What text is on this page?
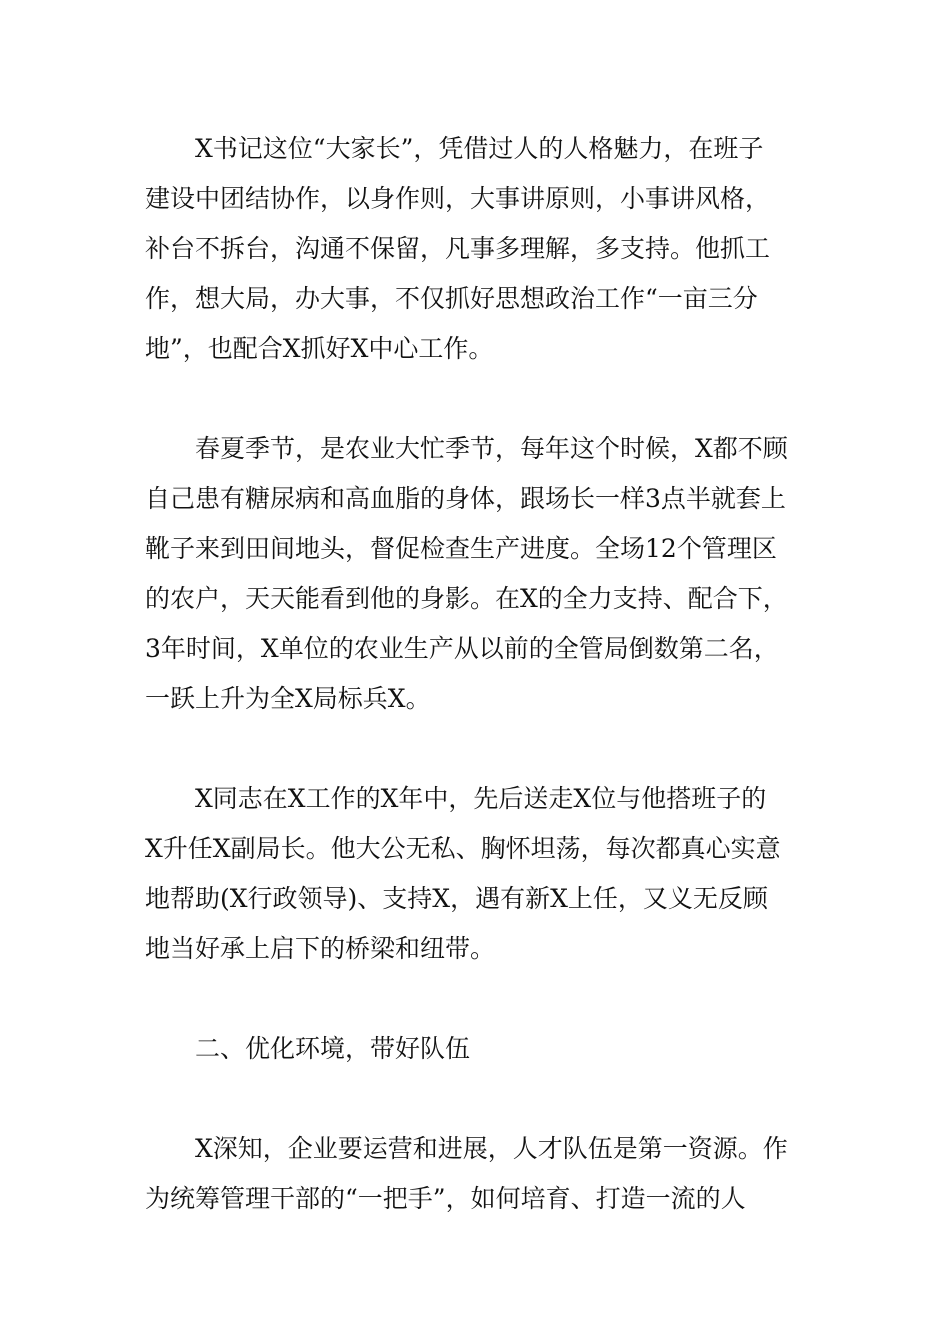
X书记这位“大家长”，凭借过人的人格魅力，在班子
建设中团结协作，以身作则，大事讲原则，小事讲风格，
补台不拆台，沟通不保留，凡事多理解，多支持。他抓工
作，想大局，办大事，不仅抓好思想政治工作“一亩三分
地”，也配合X抓好X中心工作。

春夏季节，是农业大忙季节，每年这个时候，X都不顾
自己患有糖尿病和高血脂的身体，跟场长一样3点半就套上
靴子来到田间地头，督促检查生产进度。全场12个管理区
的农户，天天能看到他的身影。在X的全力支持、配合下，
3年时间，X单位的农业生产从以前的全管局倒数第二名，
一跃上升为全X局标兵X。

X同志在X工作的X年中，先后送走X位与他搭班子的
X升任X副局长。他大公无私、胸怀坦荡，每次都真心实意
地帮助(X行政领导)、支持X，遇有新X上任，又义无反顾
地当好承上启下的桥梁和纽带。

二、优化环境，带好队伍

X深知，企业要运营和进展，人才队伍是第一资源。作
为统筹管理干部的“一把手”，如何培育、打造一流的人
